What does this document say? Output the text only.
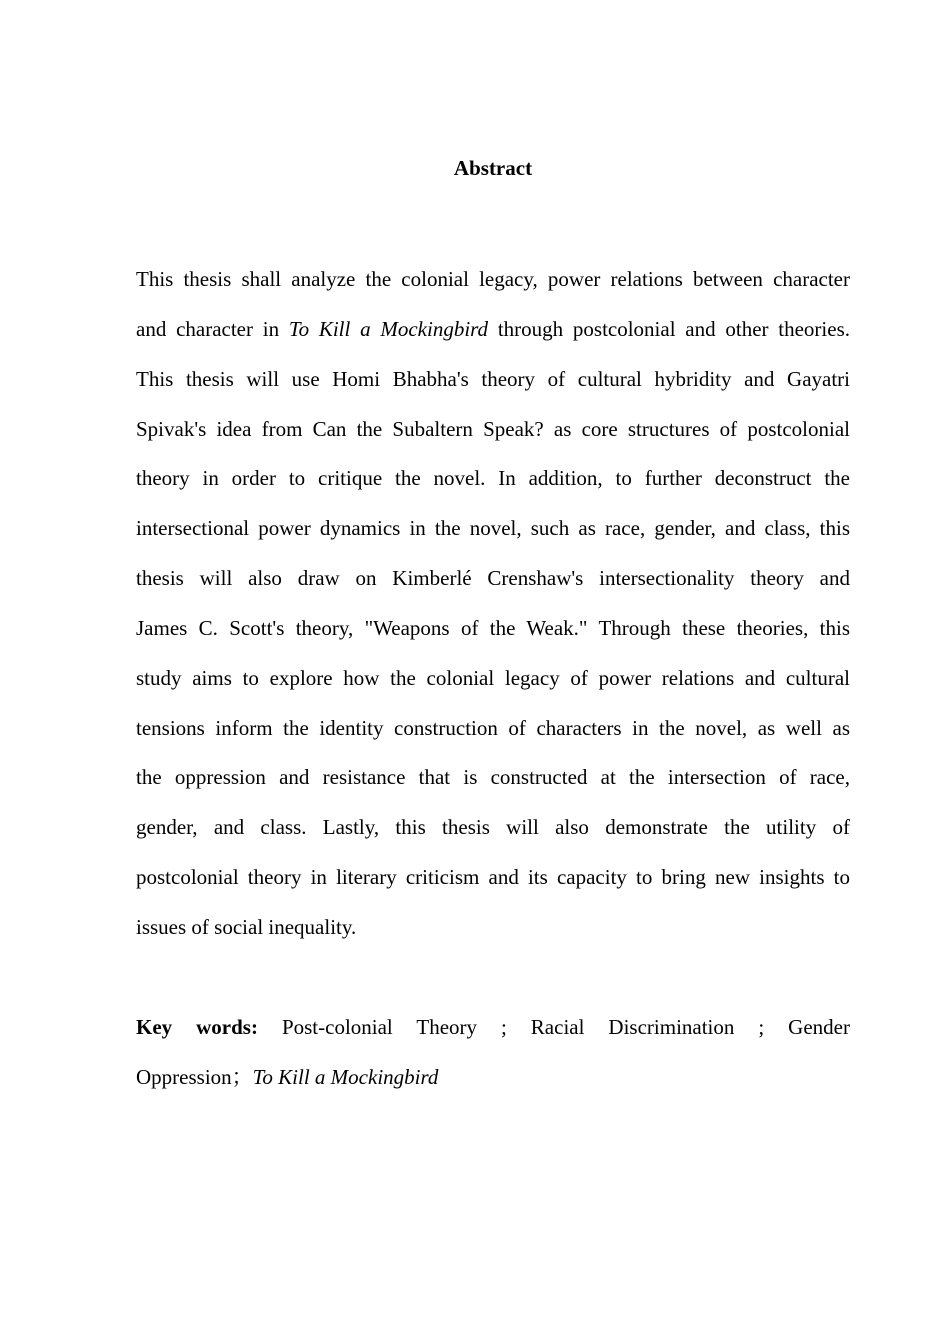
Abstract
This thesis shall analyze the colonial legacy, power relations between character
and character in To Kill a Mockingbird through postcolonial and other theories.
This thesis will use Homi Bhabha's theory of cultural hybridity and Gayatri
Spivak's idea from Can the Subaltern Speak? as core structures of postcolonial
theory in order to critique the novel. In addition, to further deconstruct the
intersectional power dynamics in the novel, such as race, gender, and class, this
thesis will also draw on Kimberlé Crenshaw's intersectionality theory and
James C. Scott's theory, "Weapons of the Weak." Through these theories, this
study aims to explore how the colonial legacy of power relations and cultural
tensions inform the identity construction of characters in the novel, as well as
the oppression and resistance that is constructed at the intersection of race,
gender, and class. Lastly, this thesis will also demonstrate the utility of
postcolonial theory in literary criticism and its capacity to bring new insights to
issues of social inequality.
Key words: Post-colonial Theory ; Racial Discrimination ; Gender
Oppression；To Kill a Mockingbird
